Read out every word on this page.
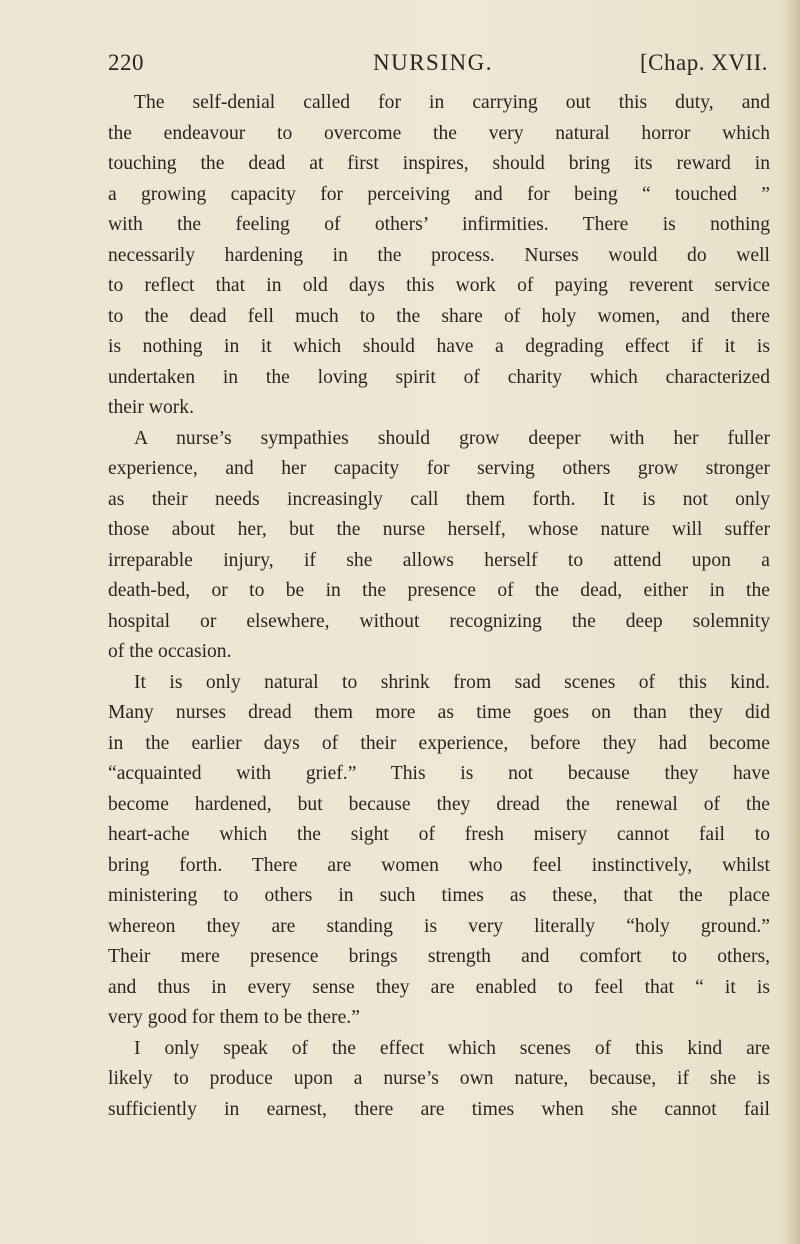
220	NURSING.	[Chap. XVII.
The self-denial called for in carrying out this duty, and
the endeavour to overcome the very natural horror which
touching the dead at first inspires, should bring its reward in
a growing capacity for perceiving and for being “ touched ”
with the feeling of others’ infirmities. There is nothing
necessarily hardening in the process. Nurses would do well
to reflect that in old days this work of paying reverent service
to the dead fell much to the share of holy women, and there
is nothing in it which should have a degrading effect if it is
undertaken in the loving spirit of charity which characterized
their work.
A nurse’s sympathies should grow deeper with her fuller
experience, and her capacity for serving others grow stronger
as their needs increasingly call them forth. It is not only
those about her, but the nurse herself, whose nature will suffer
irreparable injury, if she allows herself to attend upon a
death-bed, or to be in the presence of the dead, either in the
hospital or elsewhere, without recognizing the deep solemnity
of the occasion.
It is only natural to shrink from sad scenes of this kind.
Many nurses dread them more as time goes on than they did
in the earlier days of their experience, before they had become
“acquainted with grief.” This is not because they have
become hardened, but because they dread the renewal of the
heart-ache which the sight of fresh misery cannot fail to
bring forth. There are women who feel instinctively, whilst
ministering to others in such times as these, that the place
whereon they are standing is very literally “holy ground.”
Their mere presence brings strength and comfort to others,
and thus in every sense they are enabled to feel that “ it is
very good for them to be there.”
I only speak of the effect which scenes of this kind are
likely to produce upon a nurse’s own nature, because, if she is
sufficiently in earnest, there are times when she cannot fail
